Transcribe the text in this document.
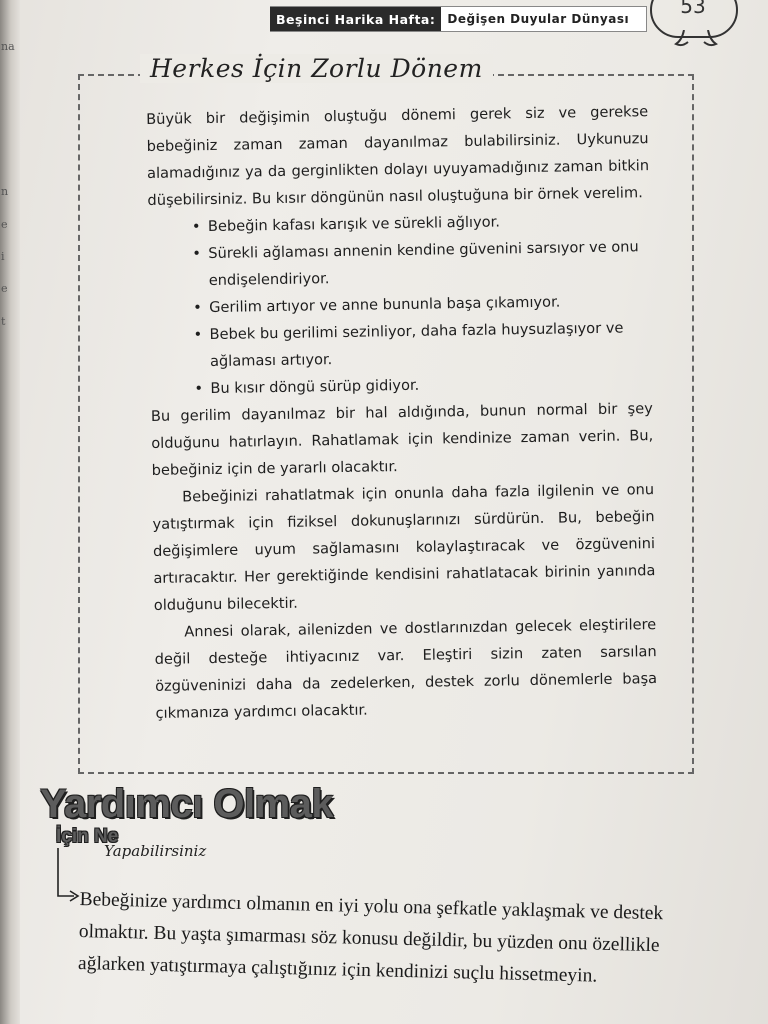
na
n
e
i
e
t
Beşinci Harika Hafta:	Değişen Duyular Dünyası
53
Herkes İçin Zorlu Dönem

Büyük bir değişimin oluştuğu dönemi gerek siz ve gerekse bebeğiniz zaman zaman dayanılmaz bulabilirsiniz. Uykunuzu alamadığınız ya da gerginlikten dolayı uyuyamadığınız zaman bitkin düşebilirsiniz. Bu kısır döngünün nasıl oluştuğuna bir örnek verelim.

• Bebeğin kafası karışık ve sürekli ağlıyor.
• Sürekli ağlaması annenin kendine güvenini sarsıyor ve onu endişelendiriyor.
• Gerilim artıyor ve anne bununla başa çıkamıyor.
• Bebek bu gerilimi sezinliyor, daha fazla huysuzlaşıyor ve ağlaması artıyor.
• Bu kısır döngü sürüp gidiyor.

Bu gerilim dayanılmaz bir hal aldığında, bunun normal bir şey olduğunu hatırlayın. Rahatlamak için kendinize zaman verin. Bu, bebeğiniz için de yararlı olacaktır.

Bebeğinizi rahatlatmak için onunla daha fazla ilgilenin ve onu yatıştırmak için fiziksel dokunuşlarınızı sürdürün. Bu, bebeğin değişimlere uyum sağlamasını kolaylaştıracak ve özgüvenini artıracaktır. Her gerektiğinde kendisini rahatlatacak birinin yanında olduğunu bilecektir.

Annesi olarak, ailenizden ve dostlarınızdan gelecek eleştirilere değil desteğe ihtiyacınız var. Eleştiri sizin zaten sarsılan özgüveninizi daha da zedelerken, destek zorlu dönemlerle başa çıkmanıza yardımcı olacaktır.

Yardımcı Olmak
İçin Ne
Yapabilirsiniz
Bebeğinize yardımcı olmanın en iyi yolu ona şefkatle yaklaşmak ve destek
olmaktır. Bu yaşta şımarması söz konusu değildir, bu yüzden onu özellikle
ağlarken yatıştırmaya çalıştığınız için kendinizi suçlu hissetmeyin.
